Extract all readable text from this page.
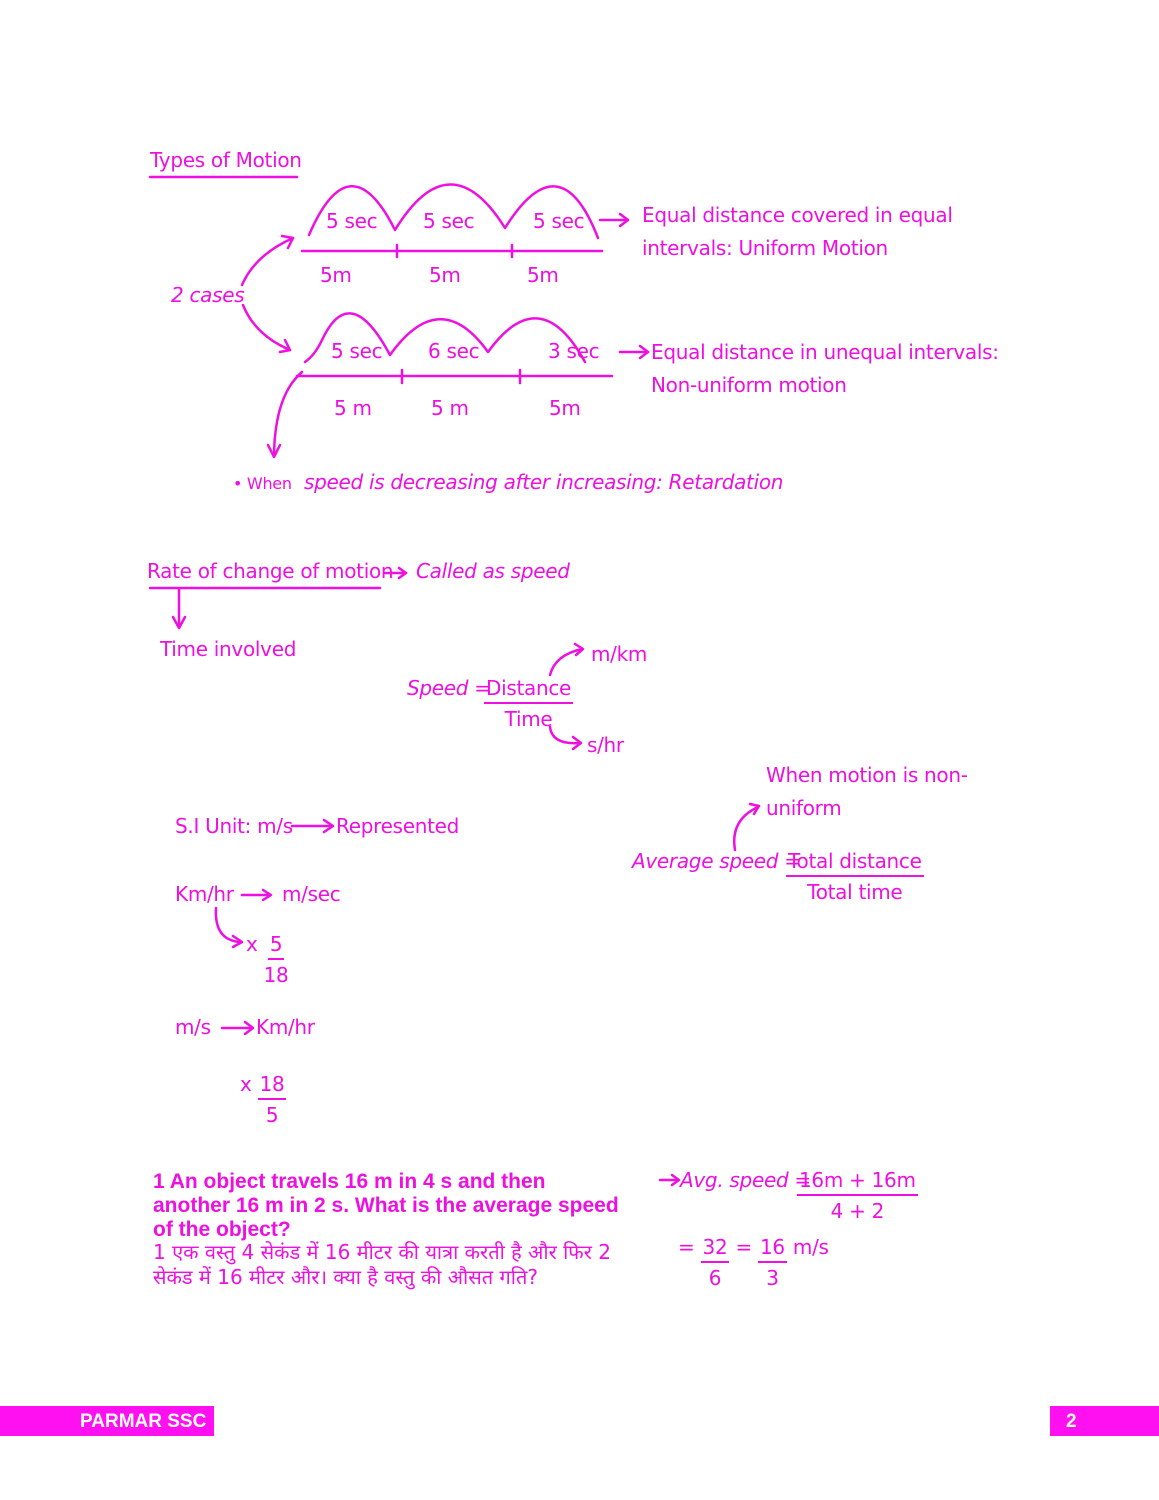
Types of Motion
2 cases
5 sec 5 sec	5 sec
5m	5m	5m
Equal distance covered in equal
intervals: Uniform Motion
5 sec 6 sec	3 sec
5 m	5 m	5m
Equal distance in unequal intervals:
Non-uniform motion
• When speed is decreasing after increasing: Retardation
Rate of change of motion Called as speed
Time involved
Speed =
$\frac{\text{Distance}}{\text{Time}}$
m/km
s/hr
S.I Unit: m/s Represented
Km/hr m/sec
x $\frac{5}{18}$
m/s Km/hr
x $\frac{18}{5}$
When motion is non-
uniform
Average speed =
$\frac{\text{Total distance}}{\text{Total time}}$
1 An object travels 16 m in 4 s and then another 16 m in 2 s. What is the average speed of the object?
1 एक वस्तु 4 सेकंड में 16 मीटर की यात्रा करती है और फिर 2 सेकंड में 16 मीटर और। क्या है वस्तु की औसत गति?
Avg. speed =
$\frac{16m + 16m}{4 + 2}$
= $\frac{32}{6} = \frac{16}{3} m/s$
PARMAR SSC	2
